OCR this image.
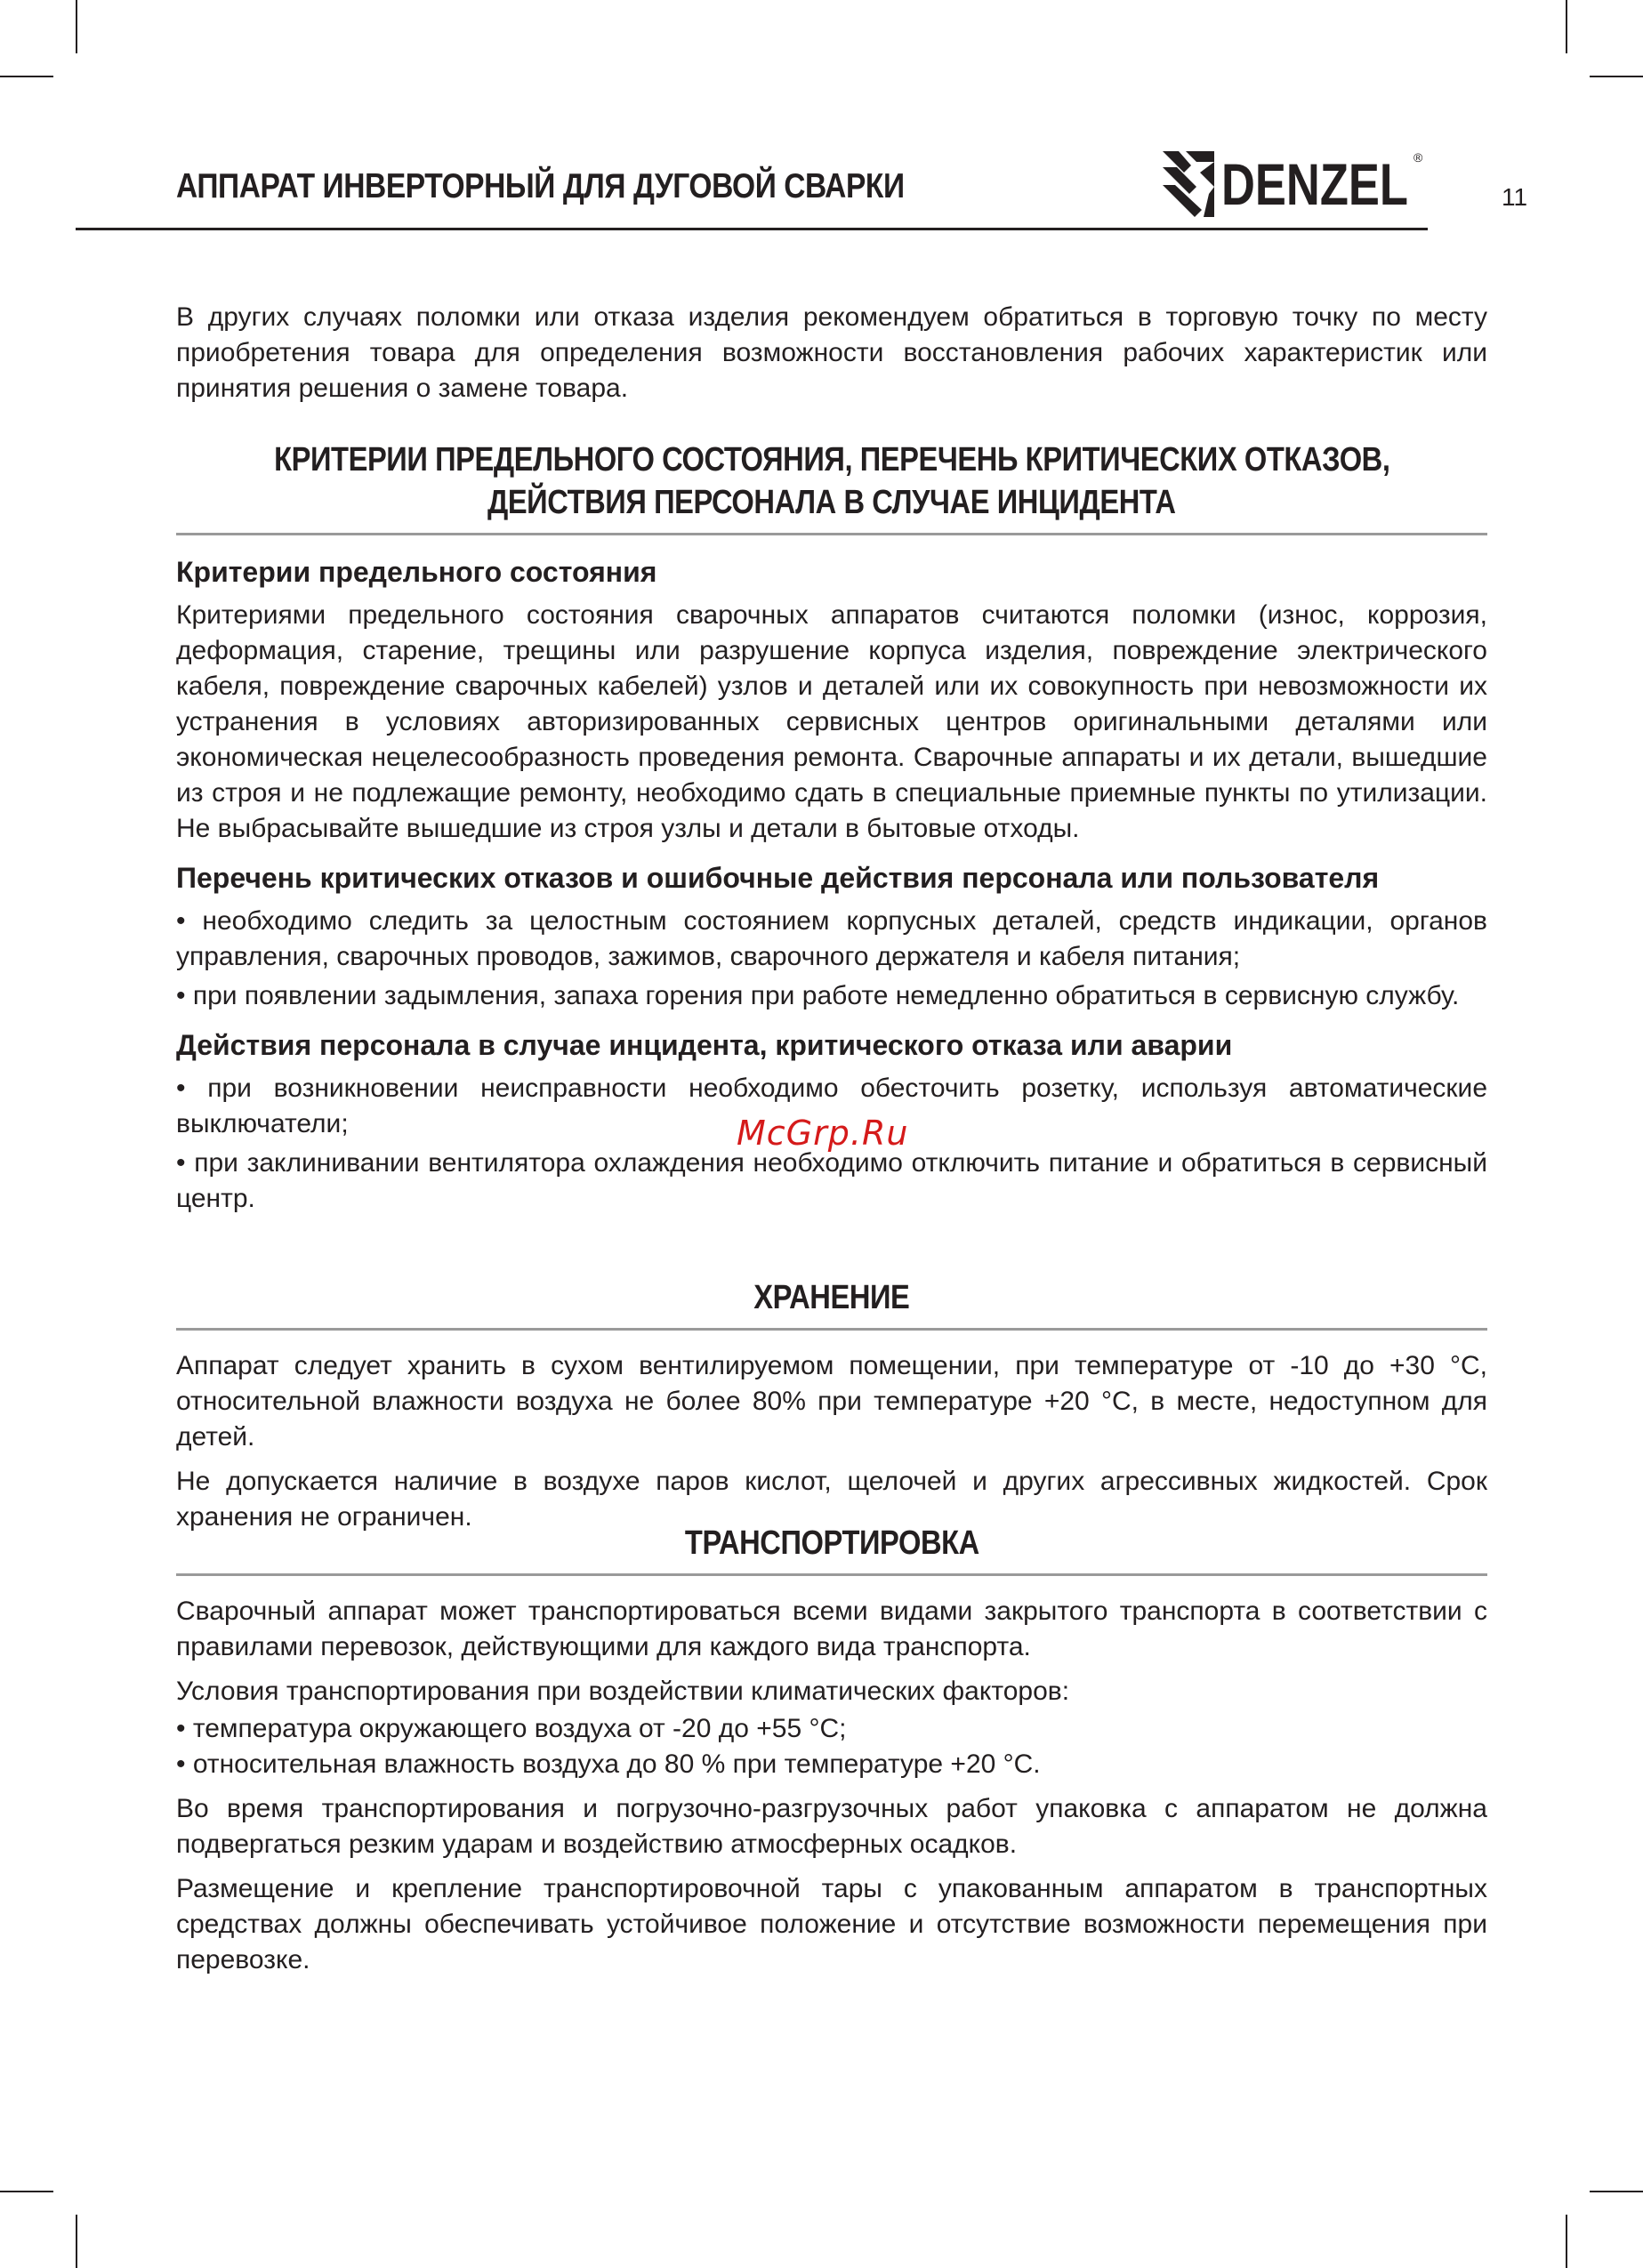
АППАРАТ ИНВЕРТОРНЫЙ ДЛЯ ДУГОВОЙ СВАРКИ	11
DENZEL ®

В других случаях поломки или отказа изделия рекомендуем обратиться в торговую точку по месту приобретения товара для определения возможности восстановления рабочих характеристик или принятия решения о замене товара.

КРИТЕРИИ ПРЕДЕЛЬНОГО СОСТОЯНИЯ, ПЕРЕЧЕНЬ КРИТИЧЕСКИХ ОТКАЗОВ,
ДЕЙСТВИЯ ПЕРСОНАЛА В СЛУЧАЕ ИНЦИДЕНТА
Критерии предельного состояния

Критериями предельного состояния сварочных аппаратов считаются поломки (износ, коррозия, деформация, старение, трещины или разрушение корпуса изделия, повреждение электрического кабеля, повреждение сварочных кабелей) узлов и деталей или их совокупность при невозможности их устранения в условиях авторизированных сервисных центров оригинальными деталями или экономическая нецелесообразность проведения ремонта. Сварочные аппараты и их детали, вышедшие из строя и не подлежащие ремонту, необходимо сдать в специальные приемные пункты по утилизации. Не выбрасывайте вышедшие из строя узлы и детали в бытовые отходы.

Перечень критических отказов и ошибочные действия персонала или пользователя

• необходимо следить за целостным состоянием корпусных деталей, средств индикации, органов управления, сварочных проводов, зажимов, сварочного держателя и кабеля питания;

• при появлении задымления, запаха горения при работе немедленно обратиться в сервисную службу.

Действия персонала в случае инцидента, критического отказа или аварии

• при возникновении неисправности необходимо обесточить розетку, используя автоматические выключатели;

• при заклинивании вентилятора охлаждения необходимо отключить питание и обратиться в сервисный центр.

ХРАНЕНИЕ

Аппарат следует хранить в сухом вентилируемом помещении, при температуре от -10 до +30 °С, относительной влажности воздуха не более 80% при температуре +20 °С, в месте, недоступном для детей.

Не допускается наличие в воздухе паров кислот, щелочей и других агрессивных жидкостей. Срок хранения не ограничен.

ТРАНСПОРТИРОВКА

Сварочный аппарат может транспортироваться всеми видами закрытого транспорта в соответствии с правилами перевозок, действующими для каждого вида транспорта.

Условия транспортирования при воздействии климатических факторов:

• температура окружающего воздуха от -20 до +55 °С;

• относительная влажность воздуха до 80 % при температуре +20 °С.

Во время транспортирования и погрузочно-разгрузочных работ упаковка с аппаратом не должна подвергаться резким ударам и воздействию атмосферных осадков.

Размещение и крепление транспортировочной тары с упакованным аппаратом в транспортных средствах должны обеспечивать устойчивое положение и отсутствие возможности перемещения при перевозке.

McGrp.Ru
